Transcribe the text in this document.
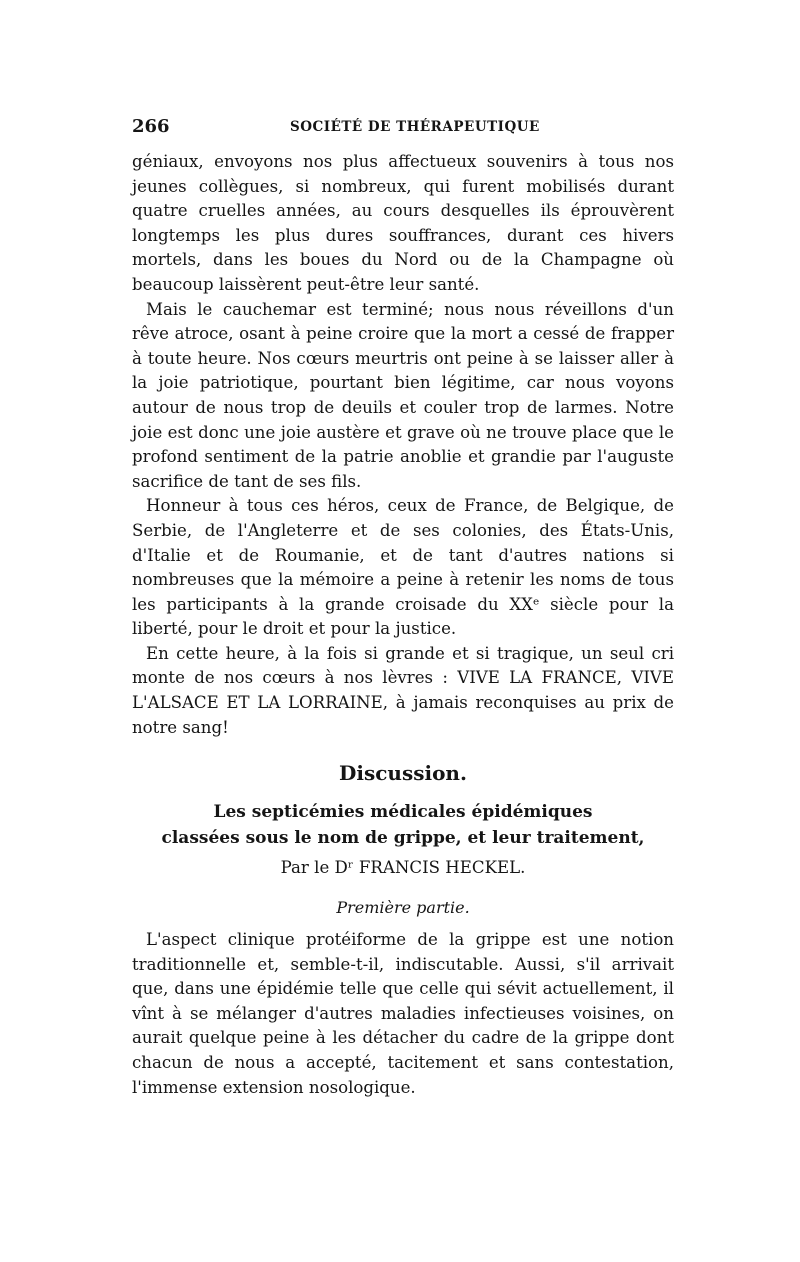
266	SOCIÉTÉ DE THÉRAPEUTIQUE

géniaux, envoyons nos plus affectueux souvenirs à tous nos jeunes collègues, si nombreux, qui furent mobilisés durant quatre cruelles années, au cours desquelles ils éprouvèrent longtemps les plus dures souffrances, durant ces hivers mortels, dans les boues du Nord ou de la Champagne où beaucoup laissèrent peut-être leur santé.

Mais le cauchemar est terminé; nous nous réveillons d'un rêve atroce, osant à peine croire que la mort a cessé de frapper à toute heure. Nos cœurs meurtris ont peine à se laisser aller à la joie patriotique, pourtant bien légitime, car nous voyons autour de nous trop de deuils et couler trop de larmes. Notre joie est donc une joie austère et grave où ne trouve place que le profond sentiment de la patrie anoblie et grandie par l'auguste sacrifice de tant de ses fils.

Honneur à tous ces héros, ceux de France, de Belgique, de Serbie, de l'Angleterre et de ses colonies, des États-Unis, d'Italie et de Roumanie, et de tant d'autres nations si nombreuses que la mémoire a peine à retenir les noms de tous les participants à la grande croisade du XXᵉ siècle pour la liberté, pour le droit et pour la justice.

En cette heure, à la fois si grande et si tragique, un seul cri monte de nos cœurs à nos lèvres : VIVE LA FRANCE, VIVE L'ALSACE ET LA LORRAINE, à jamais reconquises au prix de notre sang!

Discussion.
Les septicémies médicales épidémiques
classées sous le nom de grippe, et leur traitement,
Par le Dʳ FRANCIS HECKEL.
Première partie.

L'aspect clinique protéiforme de la grippe est une notion traditionnelle et, semble-t-il, indiscutable. Aussi, s'il arrivait que, dans une épidémie telle que celle qui sévit actuellement, il vînt à se mélanger d'autres maladies infectieuses voisines, on aurait quelque peine à les détacher du cadre de la grippe dont chacun de nous a accepté, tacitement et sans contestation, l'immense extension nosologique.
